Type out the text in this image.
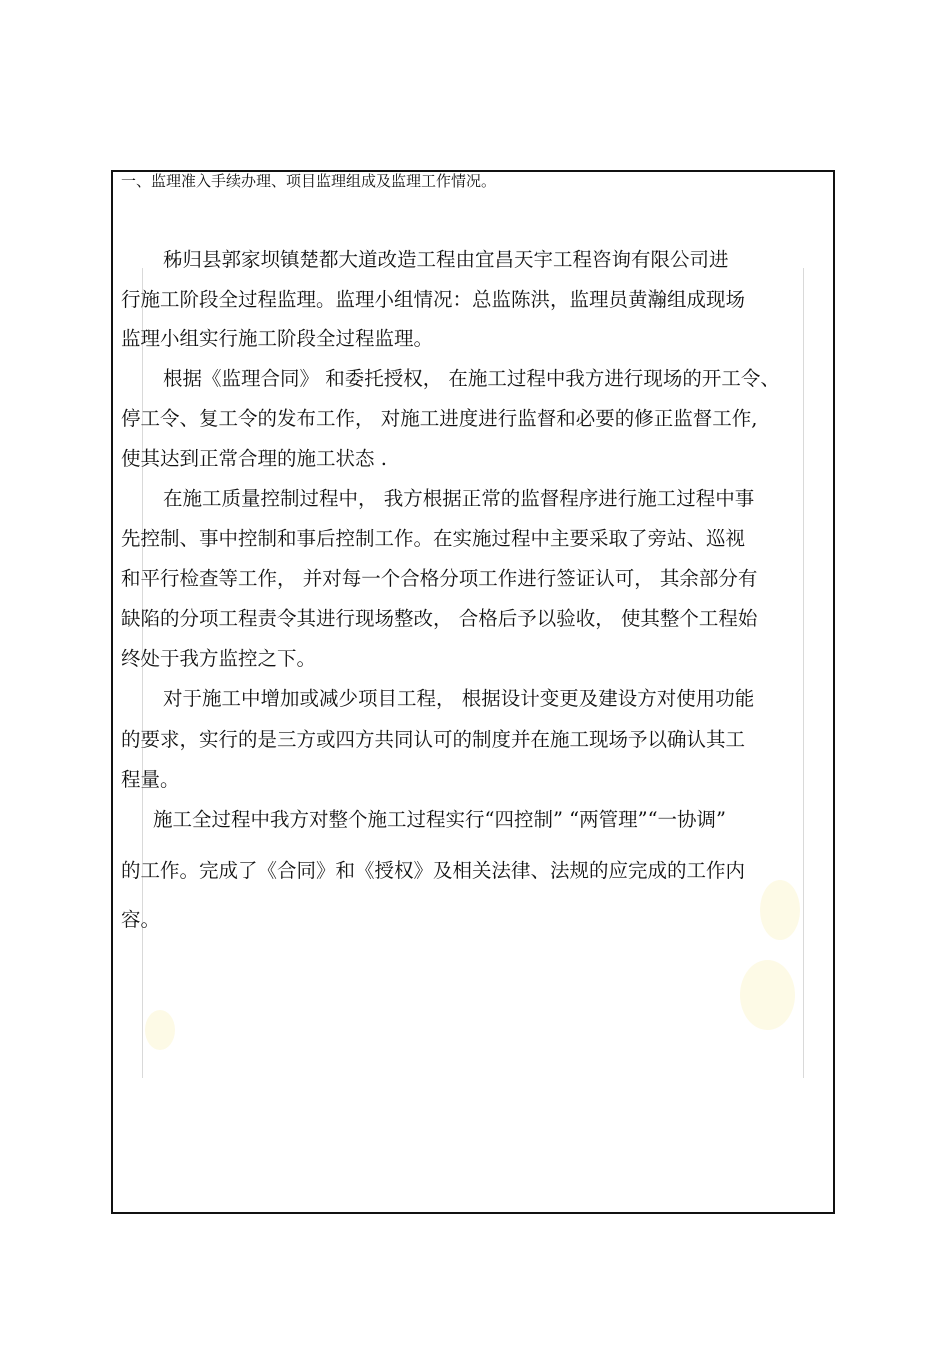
一、监理准入手续办理、项目监理组成及监理工作情况。
秭归县郭家坝镇楚都大道改造工程由宜昌天宇工程咨询有限公司进
行施工阶段全过程监理。监理小组情况：总监陈洪，监理员黄瀚组成现场
监理小组实行施工阶段全过程监理。
根据《监理合同》 和委托授权， 在施工过程中我方进行现场的开工令、
停工令、复工令的发布工作， 对施工进度进行监督和必要的修正监督工作,
使其达到正常合理的施工状态 .
在施工质量控制过程中， 我方根据正常的监督程序进行施工过程中事
先控制、事中控制和事后控制工作。在实施过程中主要采取了旁站、巡视
和平行检查等工作， 并对每一个合格分项工作进行签证认可， 其余部分有
缺陷的分项工程责令其进行现场整改， 合格后予以验收， 使其整个工程始
终处于我方监控之下。
对于施工中增加或减少项目工程， 根据设计变更及建设方对使用功能
的要求，实行的是三方或四方共同认可的制度并在施工现场予以确认其工
程量。
施工全过程中我方对整个施工过程实行“四控制” “两管理”“一协调”
的工作。完成了《合同》和《授权》及相关法律、法规的应完成的工作内
容。
